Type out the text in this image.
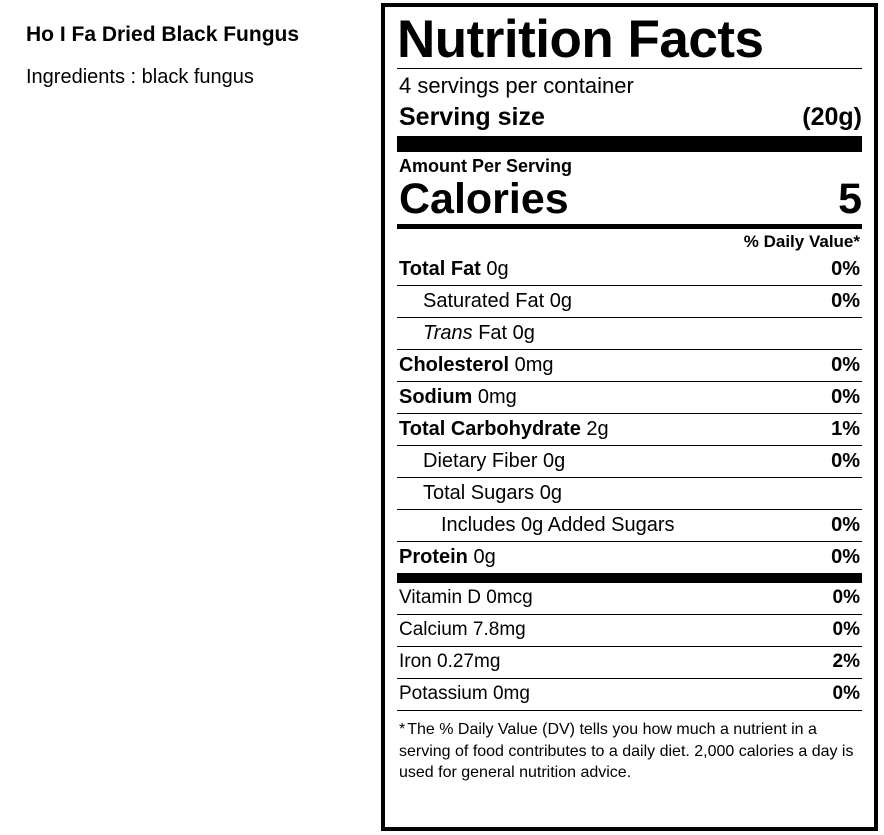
Ho I Fa Dried Black Fungus
Ingredients : black fungus
Nutrition Facts
4 servings per container
Serving size	(20g)
Amount Per Serving
Calories	5
% Daily Value*
Total Fat 0g	0%
Saturated Fat 0g	0%
Trans Fat 0g
Cholesterol 0mg	0%
Sodium 0mg	0%
Total Carbohydrate 2g	1%
Dietary Fiber 0g	0%
Total Sugars 0g
Includes 0g Added Sugars	0%
Protein 0g	0%
Vitamin D 0mcg	0%
Calcium 7.8mg	0%
Iron 0.27mg	2%
Potassium 0mg	0%
* The % Daily Value (DV) tells you how much a nutrient in a serving of food contributes to a daily diet. 2,000 calories a day is used for general nutrition advice.
